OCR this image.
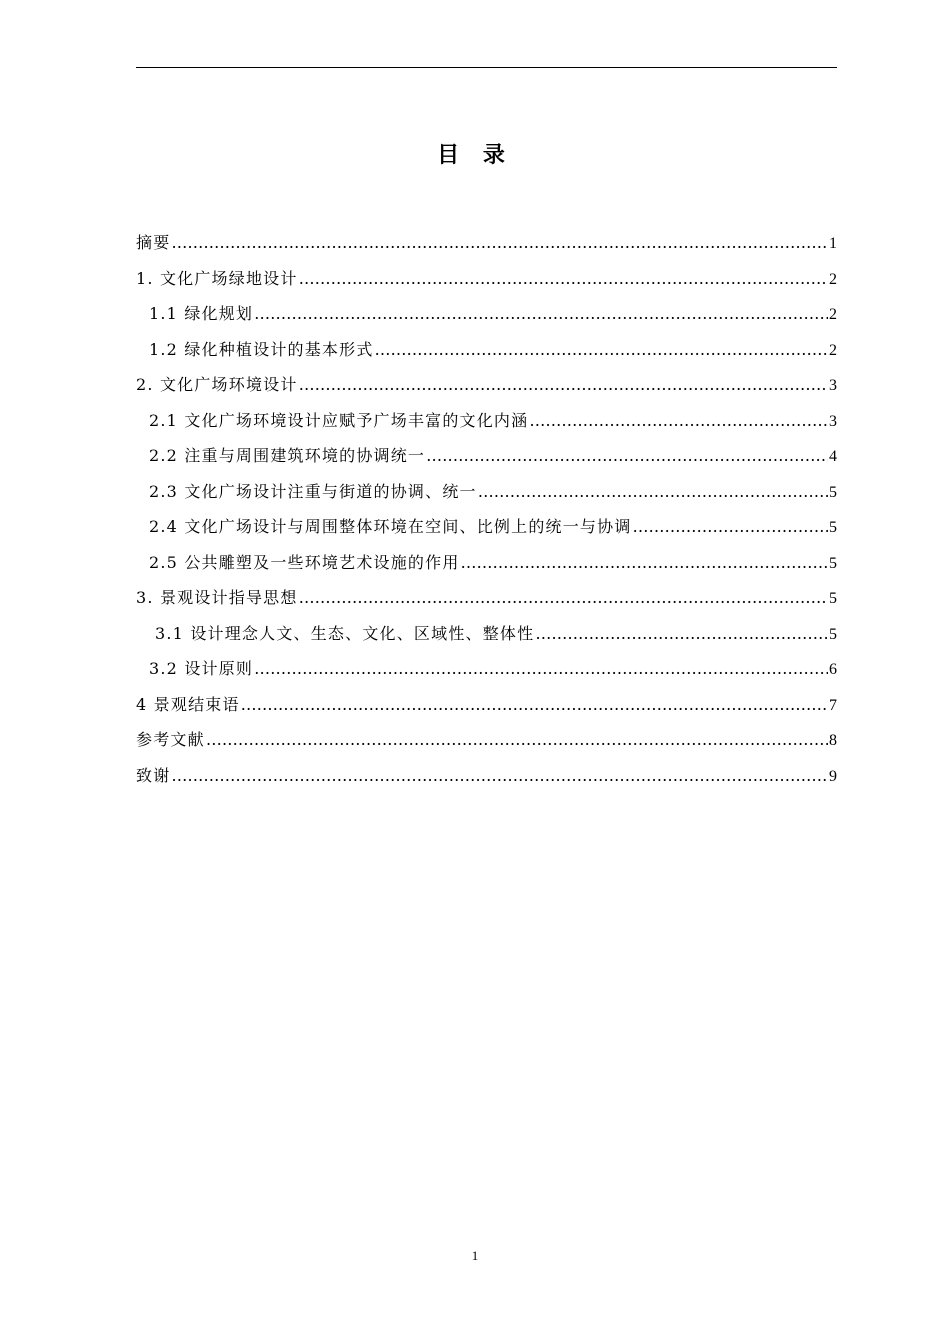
目 录
摘要 …………………………………………………………………………………………………………………………………………………………………………………………	1
1. 文化广场绿地设计 …………………………………………………………………………………………………………………………………………………………………………………………	2
1.1 绿化规划 …………………………………………………………………………………………………………………………………………………………………………………………	2
1.2 绿化种植设计的基本形式 …………………………………………………………………………………………………………………………………………………………………………………………	2
2. 文化广场环境设计 …………………………………………………………………………………………………………………………………………………………………………………………	3
2.1 文化广场环境设计应赋予广场丰富的文化内涵 …………………………………………………………………………………………………………………………………………………………………………………………	3
2.2 注重与周围建筑环境的协调统一 …………………………………………………………………………………………………………………………………………………………………………………………	4
2.3 文化广场设计注重与街道的协调、统一 …………………………………………………………………………………………………………………………………………………………………………………………	5
2.4 文化广场设计与周围整体环境在空间、比例上的统一与协调 …………………………………………………………………………………………………………………………………………………………………………………………	5
2.5 公共雕塑及一些环境艺术设施的作用 …………………………………………………………………………………………………………………………………………………………………………………………	5
3. 景观设计指导思想 …………………………………………………………………………………………………………………………………………………………………………………………	5
3.1 设计理念人文、生态、文化、区域性、整体性 …………………………………………………………………………………………………………………………………………………………………………………………	5
3.2 设计原则 …………………………………………………………………………………………………………………………………………………………………………………………	6
4 景观结束语 …………………………………………………………………………………………………………………………………………………………………………………………	7
参考文献 …………………………………………………………………………………………………………………………………………………………………………………………	8
致谢 …………………………………………………………………………………………………………………………………………………………………………………………	9
1
